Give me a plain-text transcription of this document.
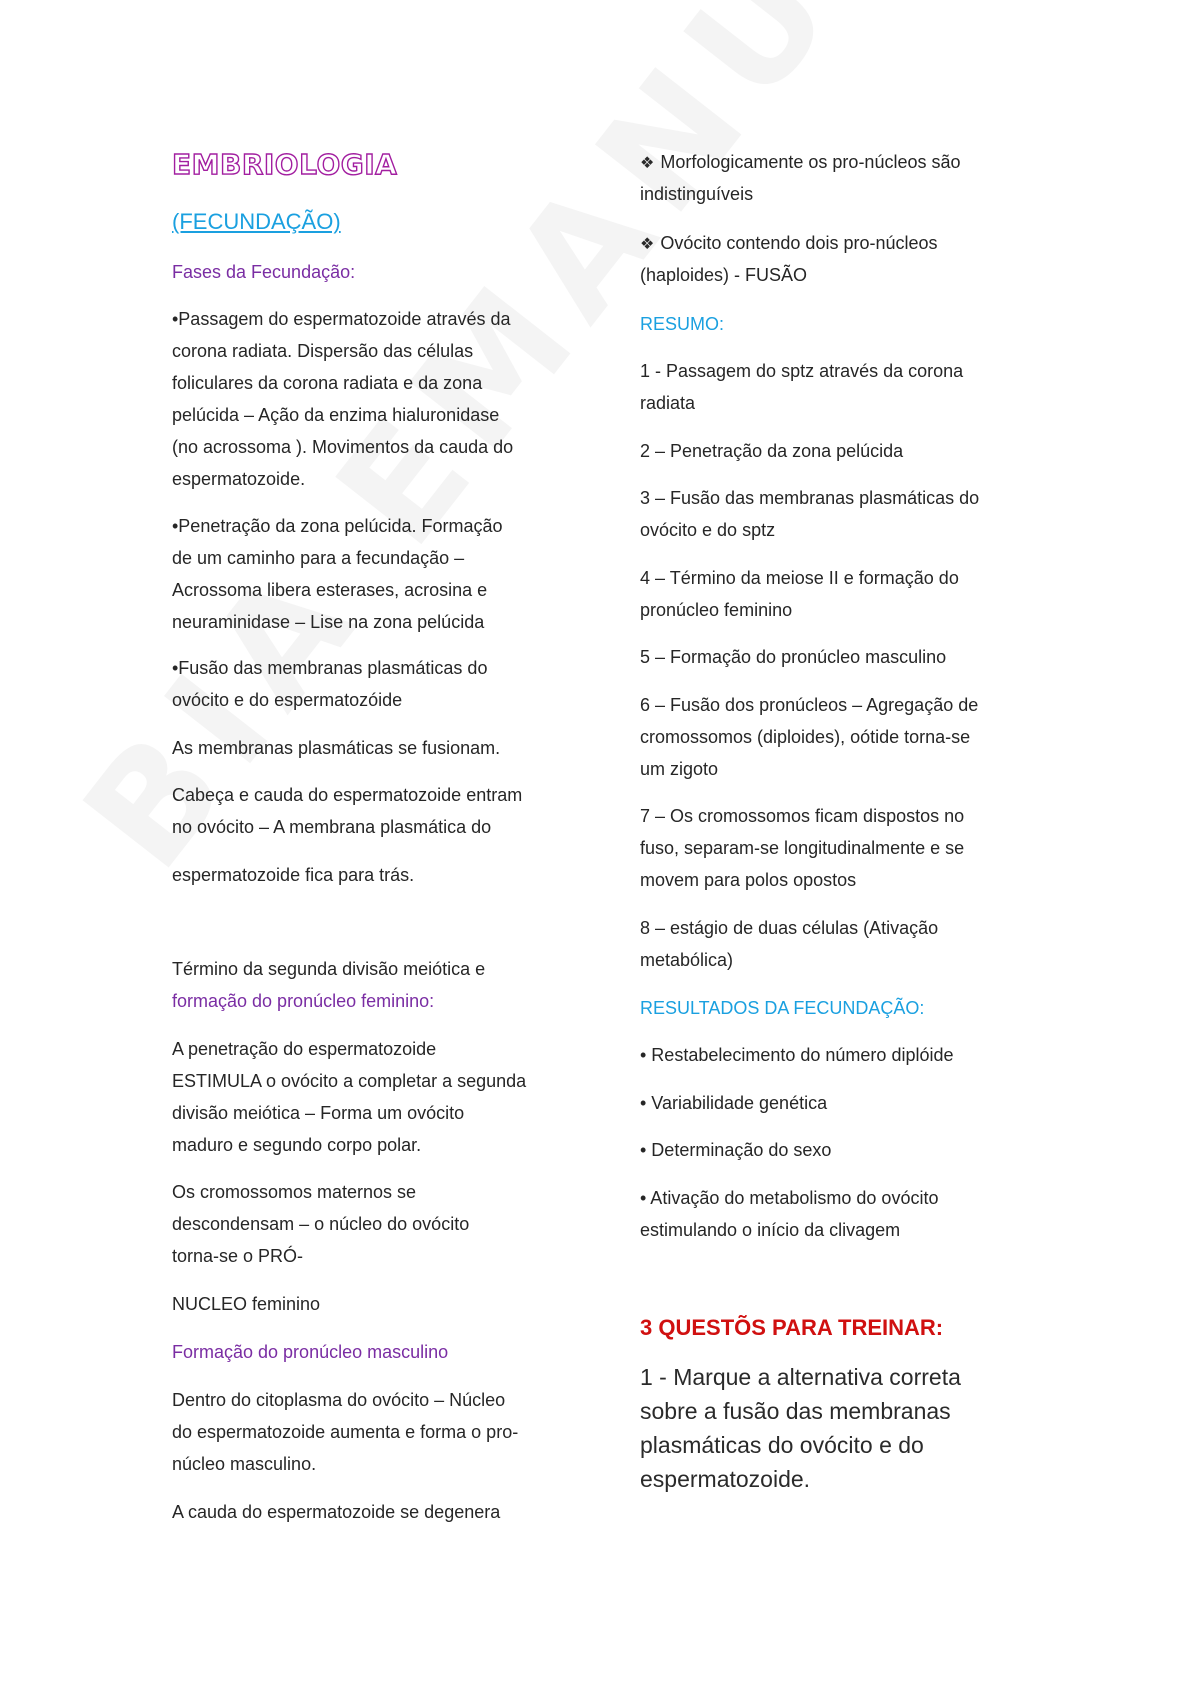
EMBRIOLOGIA
(FECUNDAÇÃO)
Fases da Fecundação:
•Passagem do espermatozoide através da
corona radiata. Dispersão das células
foliculares da corona radiata e da zona
pelúcida – Ação da enzima hialuronidase
(no acrossoma ). Movimentos da cauda do
espermatozoide.
•Penetração da zona pelúcida. Formação
de um caminho para a fecundação –
Acrossoma libera esterases, acrosina e
neuraminidase – Lise na zona pelúcida
•Fusão das membranas plasmáticas do
ovócito e do espermatozóide
As membranas plasmáticas se fusionam.
Cabeça e cauda do espermatozoide entram
no ovócito – A membrana plasmática do
espermatozoide fica para trás.
Término da segunda divisão meiótica e
formação do pronúcleo feminino:
A penetração do espermatozoide
ESTIMULA o ovócito a completar a segunda
divisão meiótica – Forma um ovócito
maduro e segundo corpo polar.
Os cromossomos maternos se
descondensam – o núcleo do ovócito
torna-se o PRÓ-
NUCLEO feminino
Formação do pronúcleo masculino
Dentro do citoplasma do ovócito – Núcleo
do espermatozoide aumenta e forma o pro-
núcleo masculino.
A cauda do espermatozoide se degenera
❖ Morfologicamente os pro-núcleos são
indistinguíveis
❖ Ovócito contendo dois pro-núcleos
(haploides) - FUSÃO
RESUMO:
1 - Passagem do sptz através da corona
radiata
2 – Penetração da zona pelúcida
3 – Fusão das membranas plasmáticas do
ovócito e do sptz
4 – Término da meiose II e formação do
pronúcleo feminino
5 – Formação do pronúcleo masculino
6 – Fusão dos pronúcleos – Agregação de
cromossomos (diploides), oótide torna-se
um zigoto
7 – Os cromossomos ficam dispostos no
fuso, separam-se longitudinalmente e se
movem para polos opostos
8 – estágio de duas células (Ativação
metabólica)
RESULTADOS DA FECUNDAÇÃO:
• Restabelecimento do número diplóide
• Variabilidade genética
• Determinação do sexo
• Ativação do metabolismo do ovócito
estimulando o início da clivagem
3 QUESTÕS PARA TREINAR:
1 - Marque a alternativa correta
sobre a fusão das membranas
plasmáticas do ovócito e do
espermatozoide.
